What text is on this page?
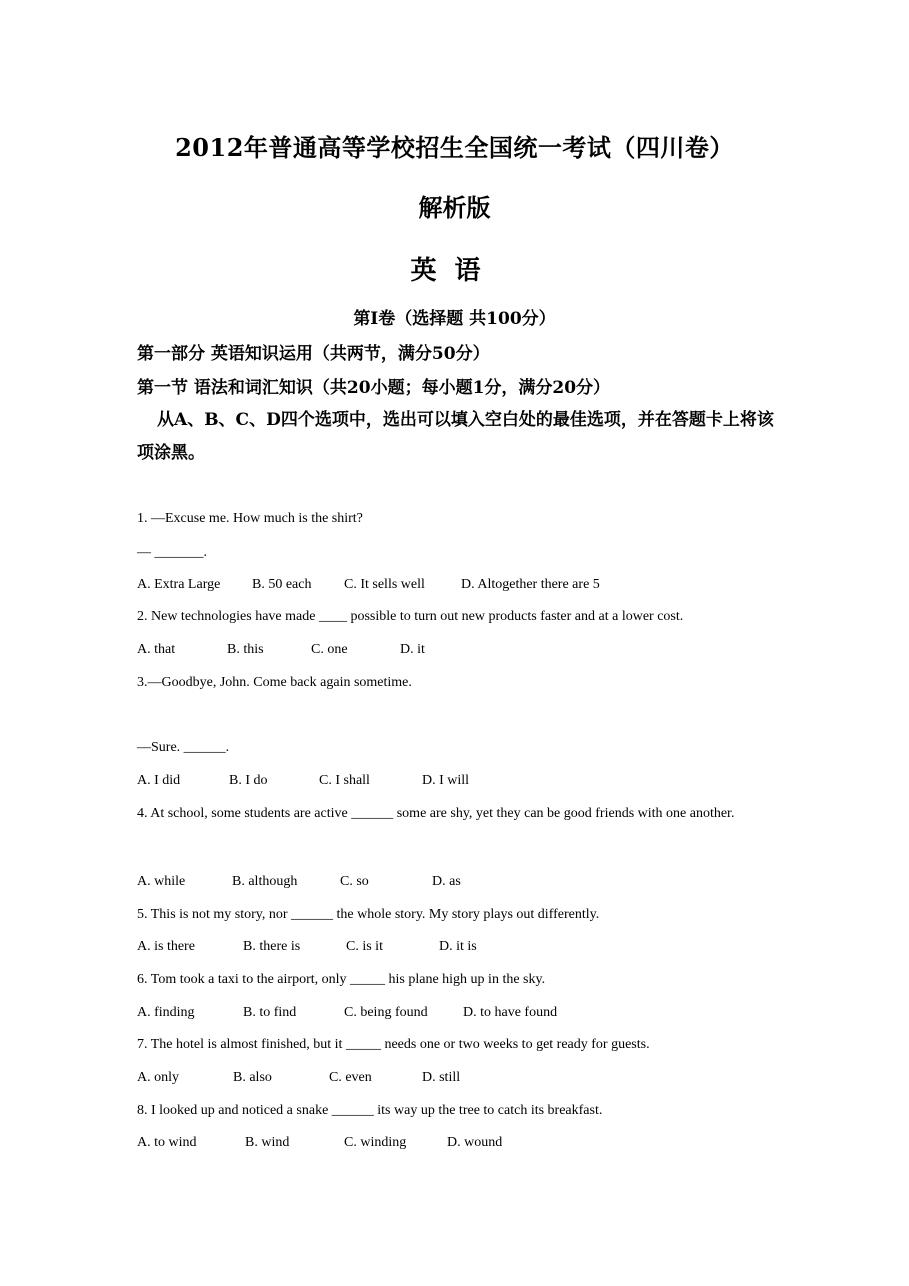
2012年普通高等学校招生全国统一考试（四川卷）
解析版
英语
第Ⅰ卷（选择题 共100分）
第一部分 英语知识运用（共两节，满分50分）
第一节 语法和词汇知识（共20小题；每小题1分，满分20分）
从A、B、C、D四个选项中，选出可以填入空白处的最佳选项，并在答题卡上将该项涂黑。
1. —Excuse me. How much is the shirt?
— _______.
A. Extra Large B. 50 each C. It sells well	D. Altogether there are 5
2. New technologies have made ____ possible to turn out new products faster and at a lower cost.
A. that	B. this	C. one	D. it
3.—Goodbye, John. Come back again sometime.
—Sure. ______.
A. I did	B. I do	C. I shall	D. I will
4. At school, some students are active ______ some are shy, yet they can be good friends with one another.
A. while	B. although	C. so	D. as
5. This is not my story, nor ______ the whole story. My story plays out differently.
A. is there	B. there is	C. is it	D. it is
6. Tom took a taxi to the airport, only _____ his plane high up in the sky.
A. finding	B. to find	C. being found	D. to have found
7. The hotel is almost finished, but it _____ needs one or two weeks to get ready for guests.
A. only	B. also	C. even	D. still
8. I looked up and noticed a snake ______ its way up the tree to catch its breakfast.
A. to wind	B. wind	C. winding	D. wound
